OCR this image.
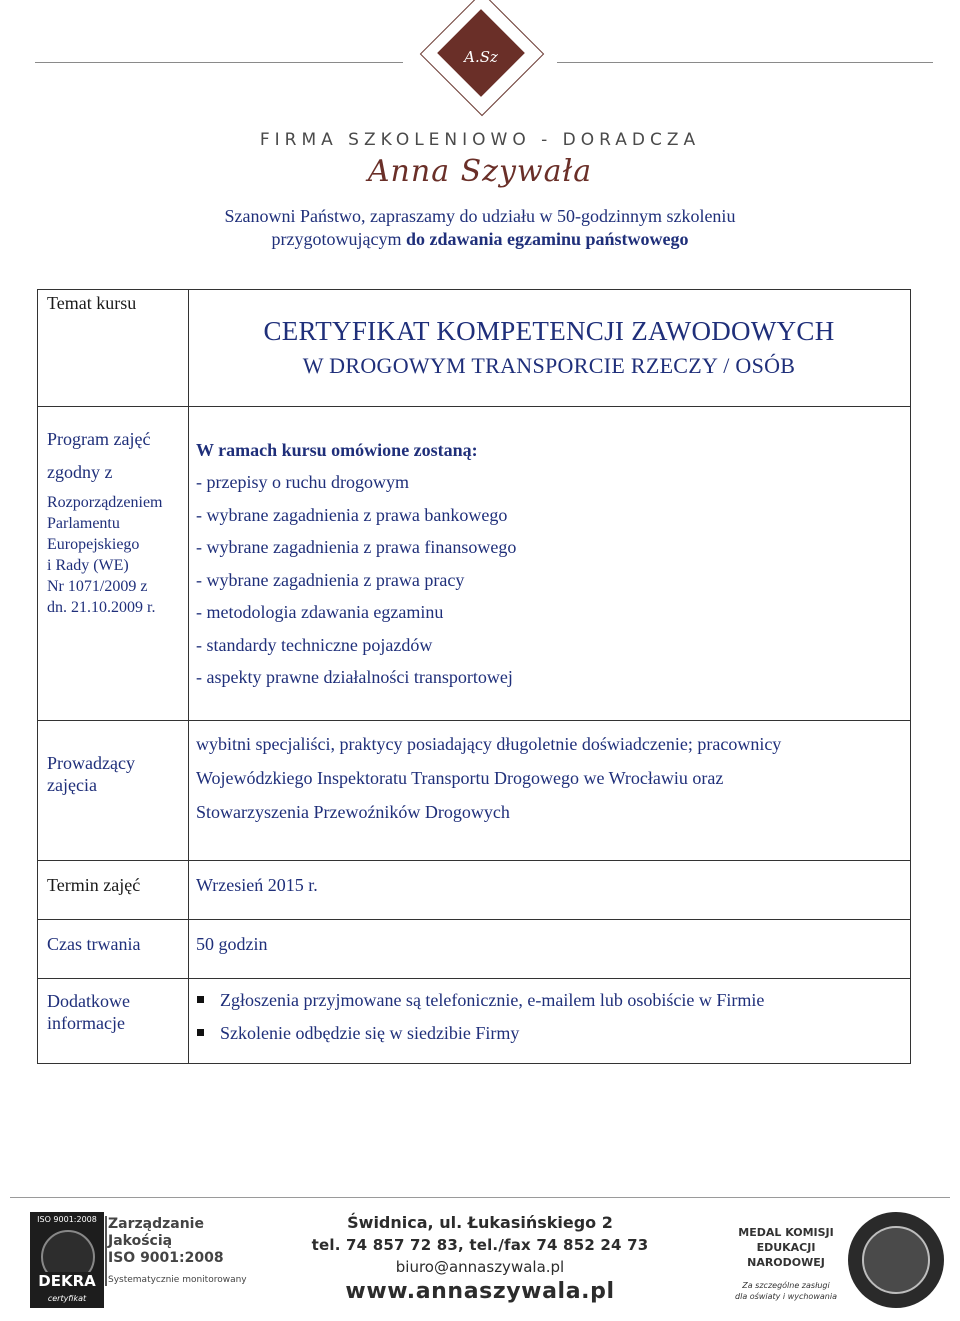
A.Sz
FIRMA SZKOLENIOWO - DORADCZA
Anna Szywała
Szanowni Państwo, zapraszamy do udziału w 50-godzinnym szkoleniu
przygotowującym do zdawania egzaminu państwowego
Temat kursu
CERTYFIKAT KOMPETENCJI ZAWODOWYCH
W DROGOWYM TRANSPORCIE RZECZY / OSÓB
Program zajęć
zgodny z
Rozporządzeniem
Parlamentu
Europejskiego
i Rady (WE)
Nr 1071/2009 z
dn. 21.10.2009 r.
W ramach kursu omówione zostaną:
- przepisy o ruchu drogowym
- wybrane zagadnienia z prawa bankowego
- wybrane zagadnienia z prawa finansowego
- wybrane zagadnienia z prawa pracy
- metodologia zdawania egzaminu
- standardy techniczne pojazdów
- aspekty prawne działalności transportowej
Prowadzący
zajęcia
wybitni specjaliści, praktycy posiadający długoletnie doświadczenie; pracownicy
Wojewódzkiego Inspektoratu Transportu Drogowego we Wrocławiu oraz
Stowarzyszenia Przewoźników Drogowych
Termin zajęć	Wrzesień 2015 r.
Czas trwania	50 godzin
Dodatkowe
informacje
Zgłoszenia przyjmowane są telefonicznie, e-mailem lub osobiście w Firmie
Szkolenie odbędzie się w siedzibie Firmy
ISO 9001:2008
DEKRA
certyfikat
Zarządzanie
Jakością
ISO 9001:2008
Systematycznie monitorowany
Świdnica, ul. Łukasińskiego 2
tel. 74 857 72 83, tel./fax 74 852 24 73
biuro@annaszywala.pl
www.annaszywala.pl
MEDAL KOMISJI
EDUKACJI NARODOWEJ
Za szczególne zasługi
dla oświaty i wychowania
